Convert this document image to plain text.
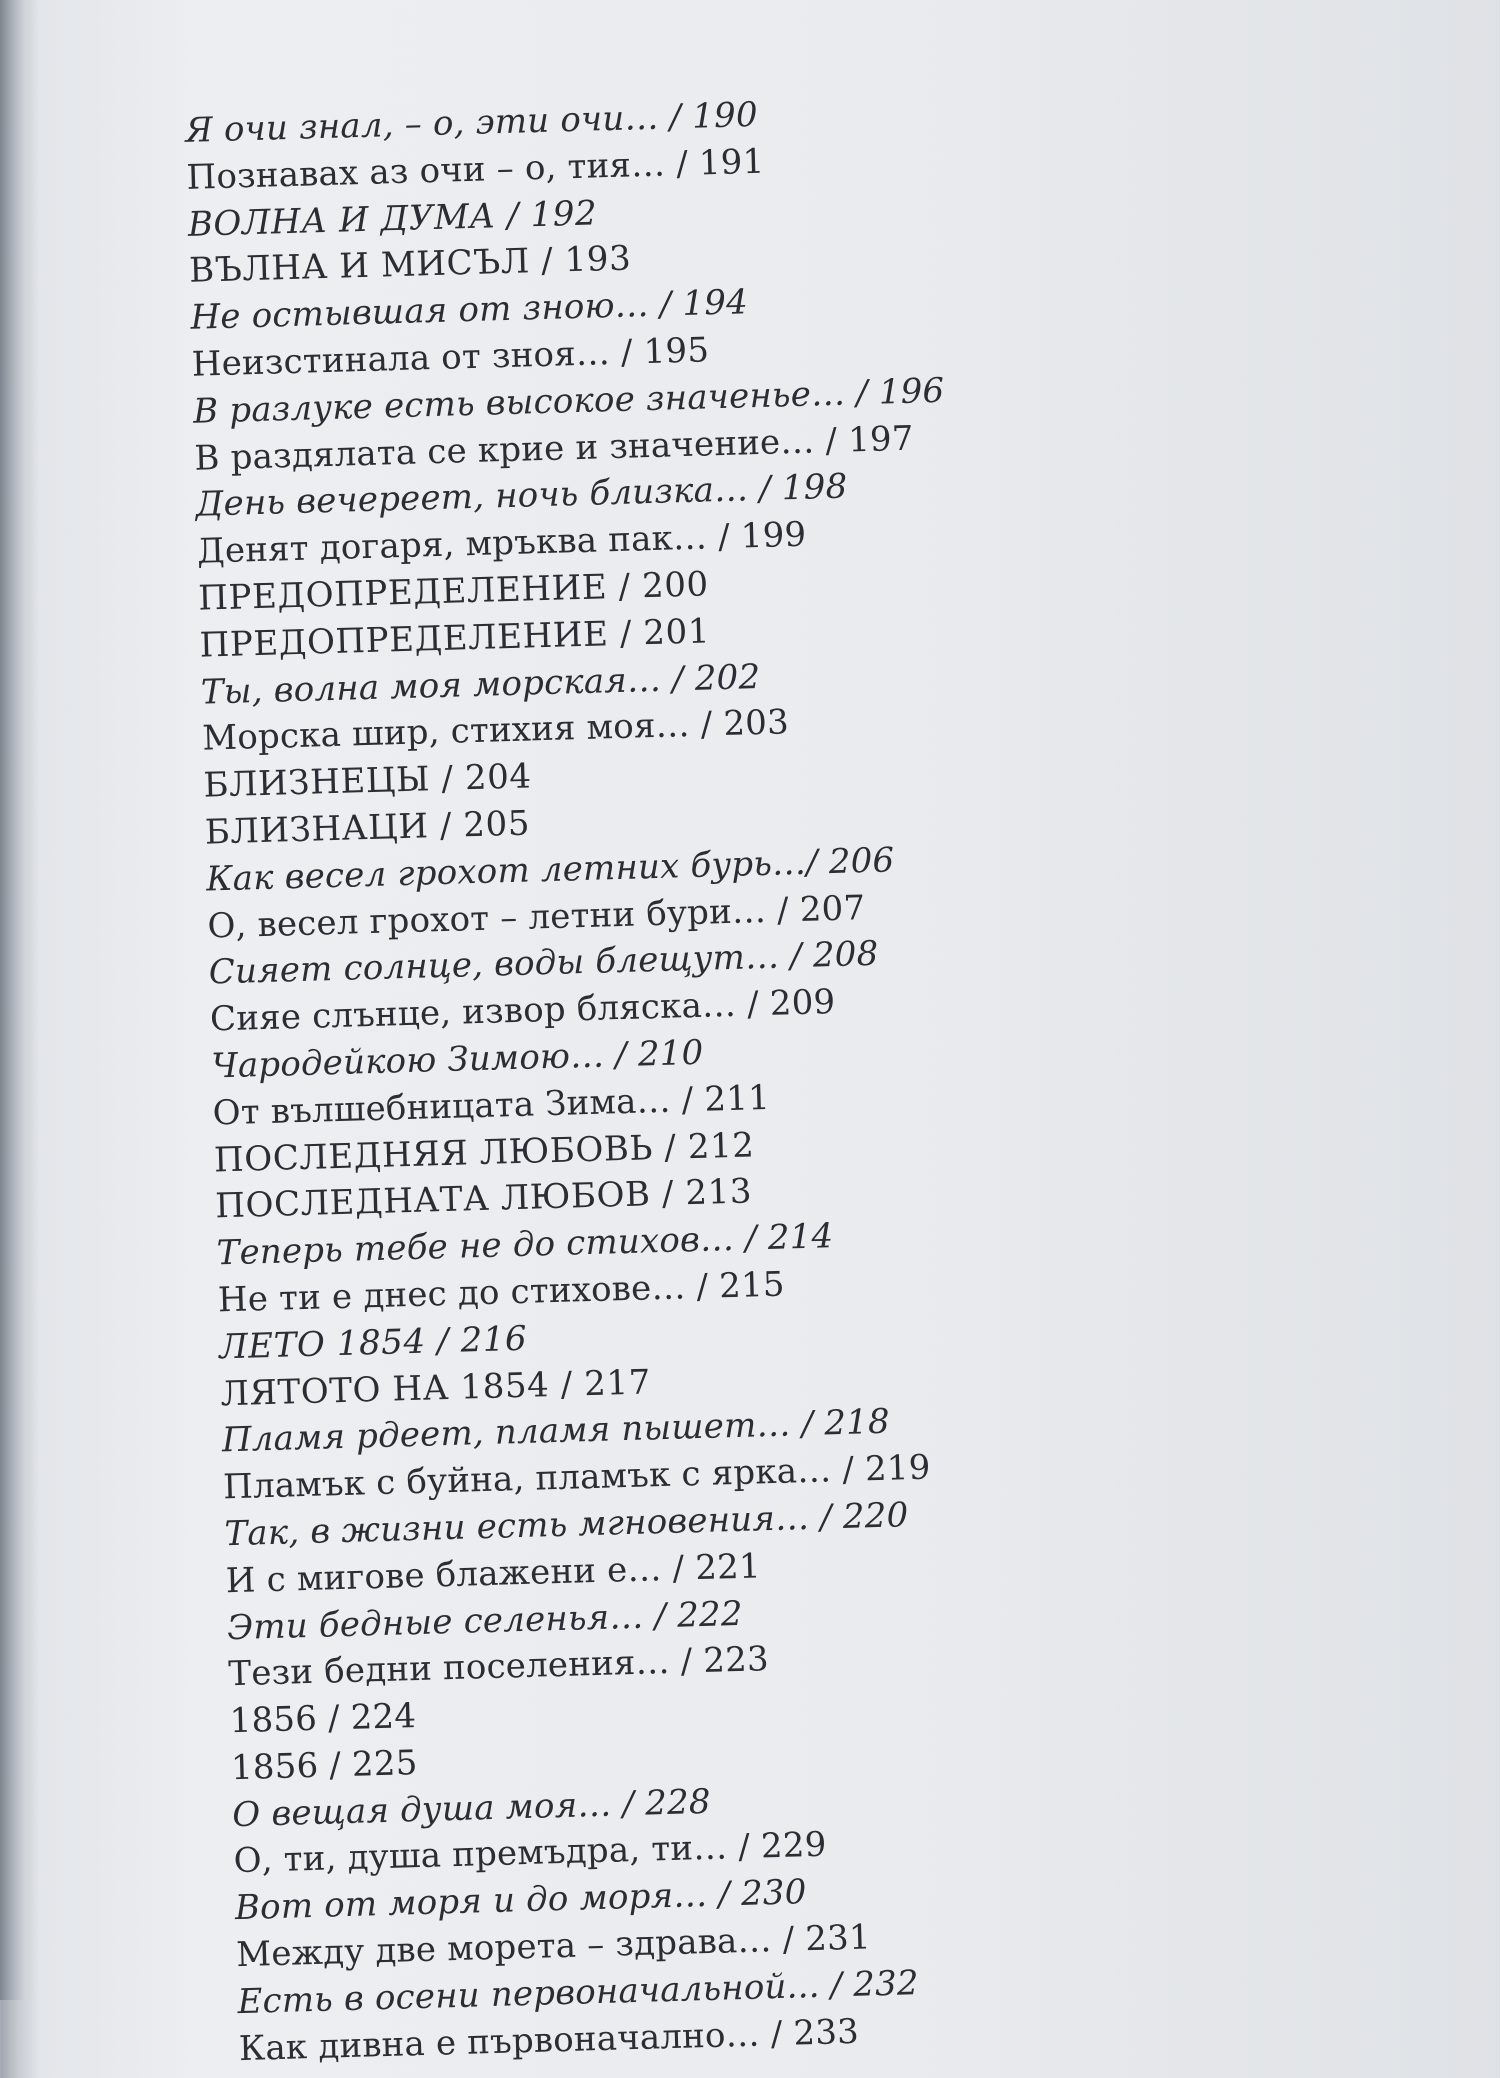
Я очи знал, – о, эти очи… / 190
Познавах аз очи – о, тия… / 191
ВОЛНА И ДУМА / 192
ВЪЛНА И МИСЪЛ / 193
Не остывшая от зною… / 194
Неизстинала от зноя… / 195
В разлуке есть высокое значенье… / 196
В раздялата се крие и значение… / 197
День вечереет, ночь близка… / 198
Денят догаря, мръква пак… / 199
ПРЕДОПРЕДЕЛЕНИЕ / 200
ПРЕДОПРЕДЕЛЕНИЕ / 201
Ты, волна моя морская… / 202
Морска шир, стихия моя… / 203
БЛИЗНЕЦЫ / 204
БЛИЗНАЦИ / 205
Как весел грохот летних бурь…/ 206
О, весел грохот – летни бури… / 207
Сияет солнце, воды блещут… / 208
Сияе слънце, извор бляска… / 209
Чародейкою Зимою… / 210
От вълшебницата Зима… / 211
ПОСЛЕДНЯЯ ЛЮБОВЬ / 212
ПОСЛЕДНАТА ЛЮБОВ / 213
Теперь тебе не до стихов… / 214
Не ти е днес до стихове… / 215
ЛЕТО 1854 / 216
ЛЯТОТО НА 1854 / 217
Пламя рдеет, пламя пышет… / 218
Пламък с буйна, пламък с ярка… / 219
Так, в жизни есть мгновения… / 220
И с мигове блажени е… / 221
Эти бедные селенья… / 222
Тези бедни поселения… / 223
1856 / 224
1856 / 225
О вещая душа моя… / 228
О, ти, душа премъдра, ти… / 229
Вот от моря и до моря… / 230
Между две морета – здрава… / 231
Есть в осени первоначальной... / 232
Как дивна е първоначално… / 233
